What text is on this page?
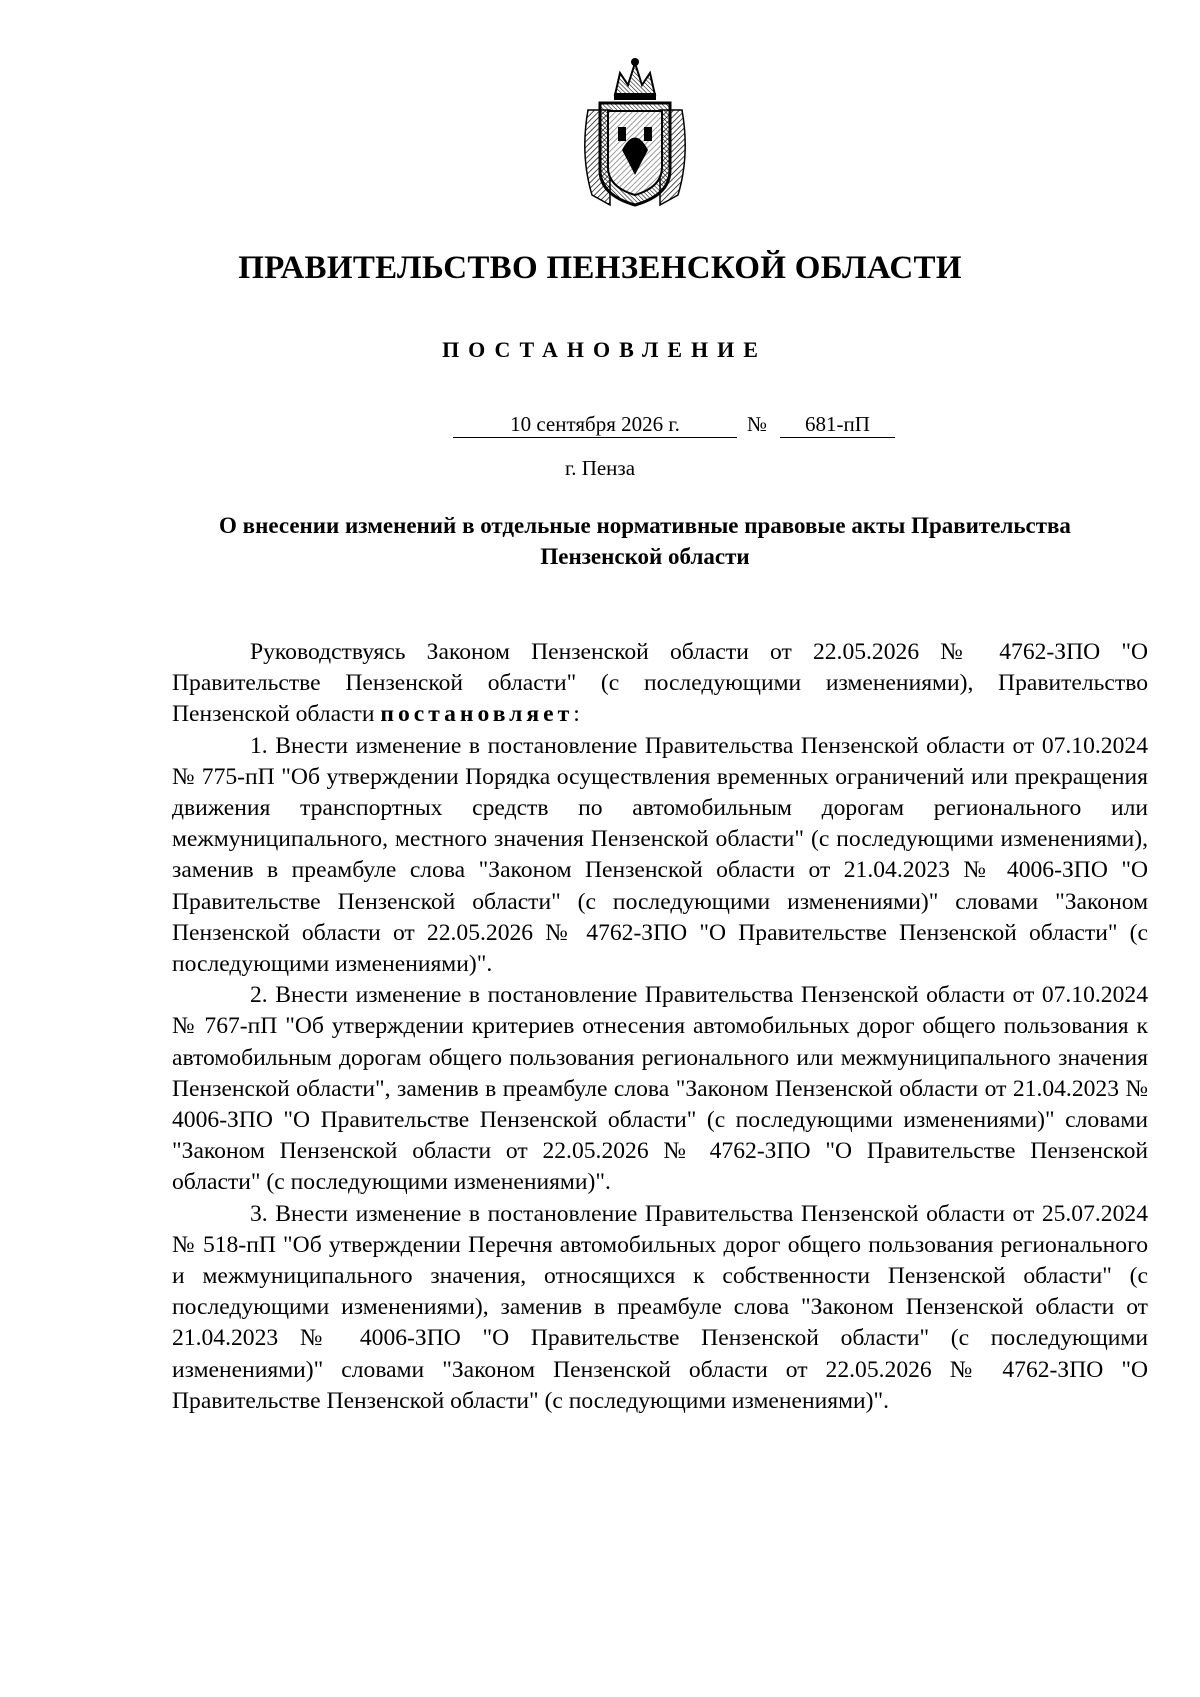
ПРАВИТЕЛЬСТВО ПЕНЗЕНСКОЙ ОБЛАСТИ
ПОСТАНОВЛЕНИЕ
10 сентября 2026 г.	№	681-пП
г. Пенза
О внесении изменений в отдельные нормативные правовые акты Правительства Пензенской области

Руководствуясь Законом Пензенской области от 22.05.2026 № 4762-ЗПО "О Правительстве Пензенской области" (с последующими изменениями), Правительство Пензенской области постановляет:

1. Внести изменение в постановление Правительства Пензенской области от 07.10.2024 № 775-пП "Об утверждении Порядка осуществления временных ограничений или прекращения движения транспортных средств по автомобильным дорогам регионального или межмуниципального, местного значения Пензенской области" (с последующими изменениями), заменив в преамбуле слова "Законом Пензенской области от 21.04.2023 № 4006-ЗПО "О Правительстве Пензенской области" (с последующими изменениями)" словами "Законом Пензенской области от 22.05.2026 № 4762-ЗПО "О Правительстве Пензенской области" (с последующими изменениями)".

2. Внести изменение в постановление Правительства Пензенской области от 07.10.2024 № 767-пП "Об утверждении критериев отнесения автомобильных дорог общего пользования к автомобильным дорогам общего пользования регионального или межмуниципального значения Пензенской области", заменив в преамбуле слова "Законом Пензенской области от 21.04.2023 № 4006-ЗПО "О Правительстве Пензенской области" (с последующими изменениями)" словами "Законом Пензенской области от 22.05.2026 № 4762-ЗПО "О Правительстве Пензенской области" (с последующими изменениями)".

3. Внести изменение в постановление Правительства Пензенской области от 25.07.2024 № 518-пП "Об утверждении Перечня автомобильных дорог общего пользования регионального и межмуниципального значения, относящихся к собственности Пензенской области" (с последующими изменениями), заменив в преамбуле слова "Законом Пензенской области от 21.04.2023 № 4006-ЗПО "О Правительстве Пензенской области" (с последующими изменениями)" словами "Законом Пензенской области от 22.05.2026 № 4762-ЗПО "О Правительстве Пензенской области" (с последующими изменениями)".
